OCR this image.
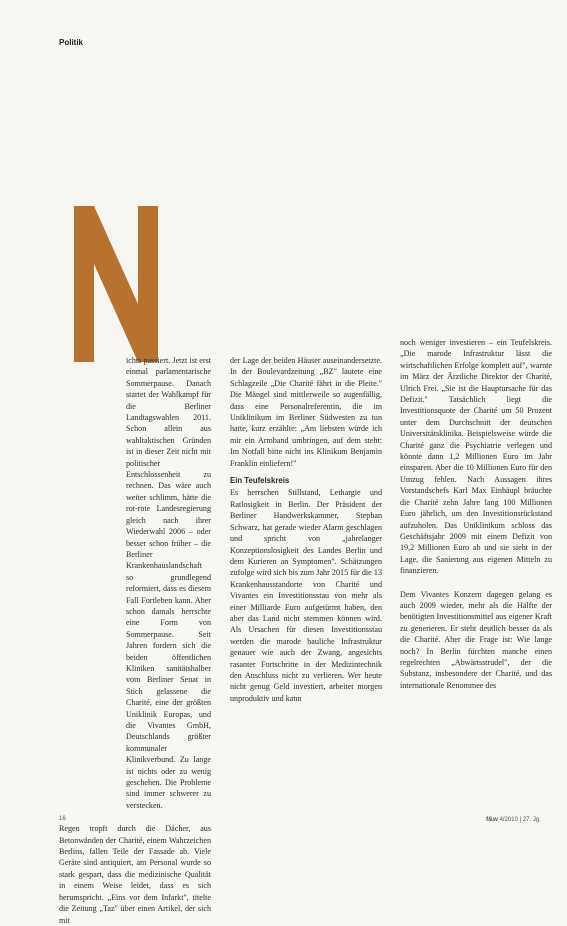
Politik

ichts passiert. Jetzt ist erst einmal parlamentarische Sommerpause. Danach startet der Wahlkampf für die Berliner Landtagswahlen 2011. Schon allein aus wahltaktischen Gründen ist in dieser Zeit nicht mit politischer Entschlossenheit zu rechnen. Das wäre auch weiter schlimm, hätte die rot-rote Landesregierung gleich nach ihrer Wiederwahl 2006 – oder besser schon früher – die Berliner Krankenhauslandschaft so grundlegend reformiert, dass es diesem Fall Fortleben kann. Aber schon damals herrschte eine Form von Sommerpause. Seit Jahren fordern sich die beiden öffentlichen Kliniken sanitätshalber vom Berliner Senat in Stich gelassene die Charité, eine der größten Uniklinik Europas, und die Vivantes GmbH, Deutschlands größter kommunaler Klinikverbund. Zu lange ist nichts oder zu wenig geschehen. Die Probleme sind immer schwerer zu verstecken.

Regen tropft durch die Dächer, aus Betonwänden der Charité, einem Wahrzeichen Berlins, fallen Teile der Fassade ab. Viele Geräte sind antiquiert, am Personal wurde so stark gespart, dass die medizinische Qualität in einem Weise leidet, dass es sich herumspricht. „Eins vor dem Infarkt", titelte die Zeitung „Taz" über einen Artikel, der sich mit

der Lage der beiden Häuser auseinandersetzte. In der Boulevardzeitung „BZ" lautete eine Schlagzeile „Die Charité fährt in die Pleite." Die Mängel sind mittlerweile so augenfällig, dass eine Personalreferentin, die im Uniklinikum im Berliner Südwesten zu tun hatte, kurz erzählte: „Am liebsten würde ich mir ein Armband umbringen, auf dem steht: Im Notfall bitte nicht ins Klinikum Benjamin Franklin einliefern!"

Ein Teufelskreis

Es herrschen Stillstand, Lethargie und Ratlosigkeit in Berlin. Der Präsident der Berliner Handwerkskammer, Stephan Schwarz, hat gerade wieder Alarm geschlagen und spricht von „jahrelanger Konzeptionslosigkeit des Landes Berlin und dem Kurieren an Symptomen". Schätzungen zufolge wird sich bis zum Jahr 2015 für die 13 Krankenhausstandorte von Charité und Vivantes ein Investitionsstau von mehr als einer Milliarde Euro aufgetürmt haben, den aber das Land nicht stemmen können wird. Als Ursachen für diesen Investitionsstau werden die marode bauliche Infrastruktur genauer wie auch der Zwang, angesichts rasanter Fortschritte in der Medizintechnik den Anschluss nicht zu verlieren. Wer heute nicht genug Geld investiert, arbeitet morgen unproduktiv und kann

noch weniger investieren – ein Teufelskreis. „Die marode Infrastruktur lässt die wirtschaftlichen Erfolge komplett auf", warnte im März der Ärztliche Direktor der Charité, Ulrich Frei. „Sie ist die Hauptursache für das Defizit." Tatsächlich liegt die Investitionsquote der Charité um 50 Prozent unter dem Durchschnitt der deutschen Universitätsklinika. Beispielsweise würde die Charité ganz die Psychiatrie verlegen und könnte dann 1,2 Millionen Euro im Jahr einsparen. Aber die 10 Millionen Euro für den Umzug fehlen. Nach Aussagen ihres Vorstandschefs Karl Max Einhäupl bräuchte die Charité zehn Jahre lang 100 Millionen Euro jährlich, um den Investitionsrückstand aufzuholen. Das Uniklinikum schloss das Geschäftsjahr 2009 mit einem Defizit von 19,2 Millionen Euro ab und sie sieht in der Lage, die Sanierung aus eigenen Mitteln zu finanzieren.

Dem Vivantes Konzern dagegen gelang es auch 2009 wieder, mehr als die Hälfte der benötigten Investitionsmittel aus eigener Kraft zu generieren. Er steht deutlich besser da als die Charité. Aber die Frage ist: Wie lange noch? In Berlin fürchten manche einen regelrechten „Abwärtsstrudel", der die Substanz, insbesondere der Charité, und das internationale Renommee des

16	f&w 4/2010 | 27. Jg.
